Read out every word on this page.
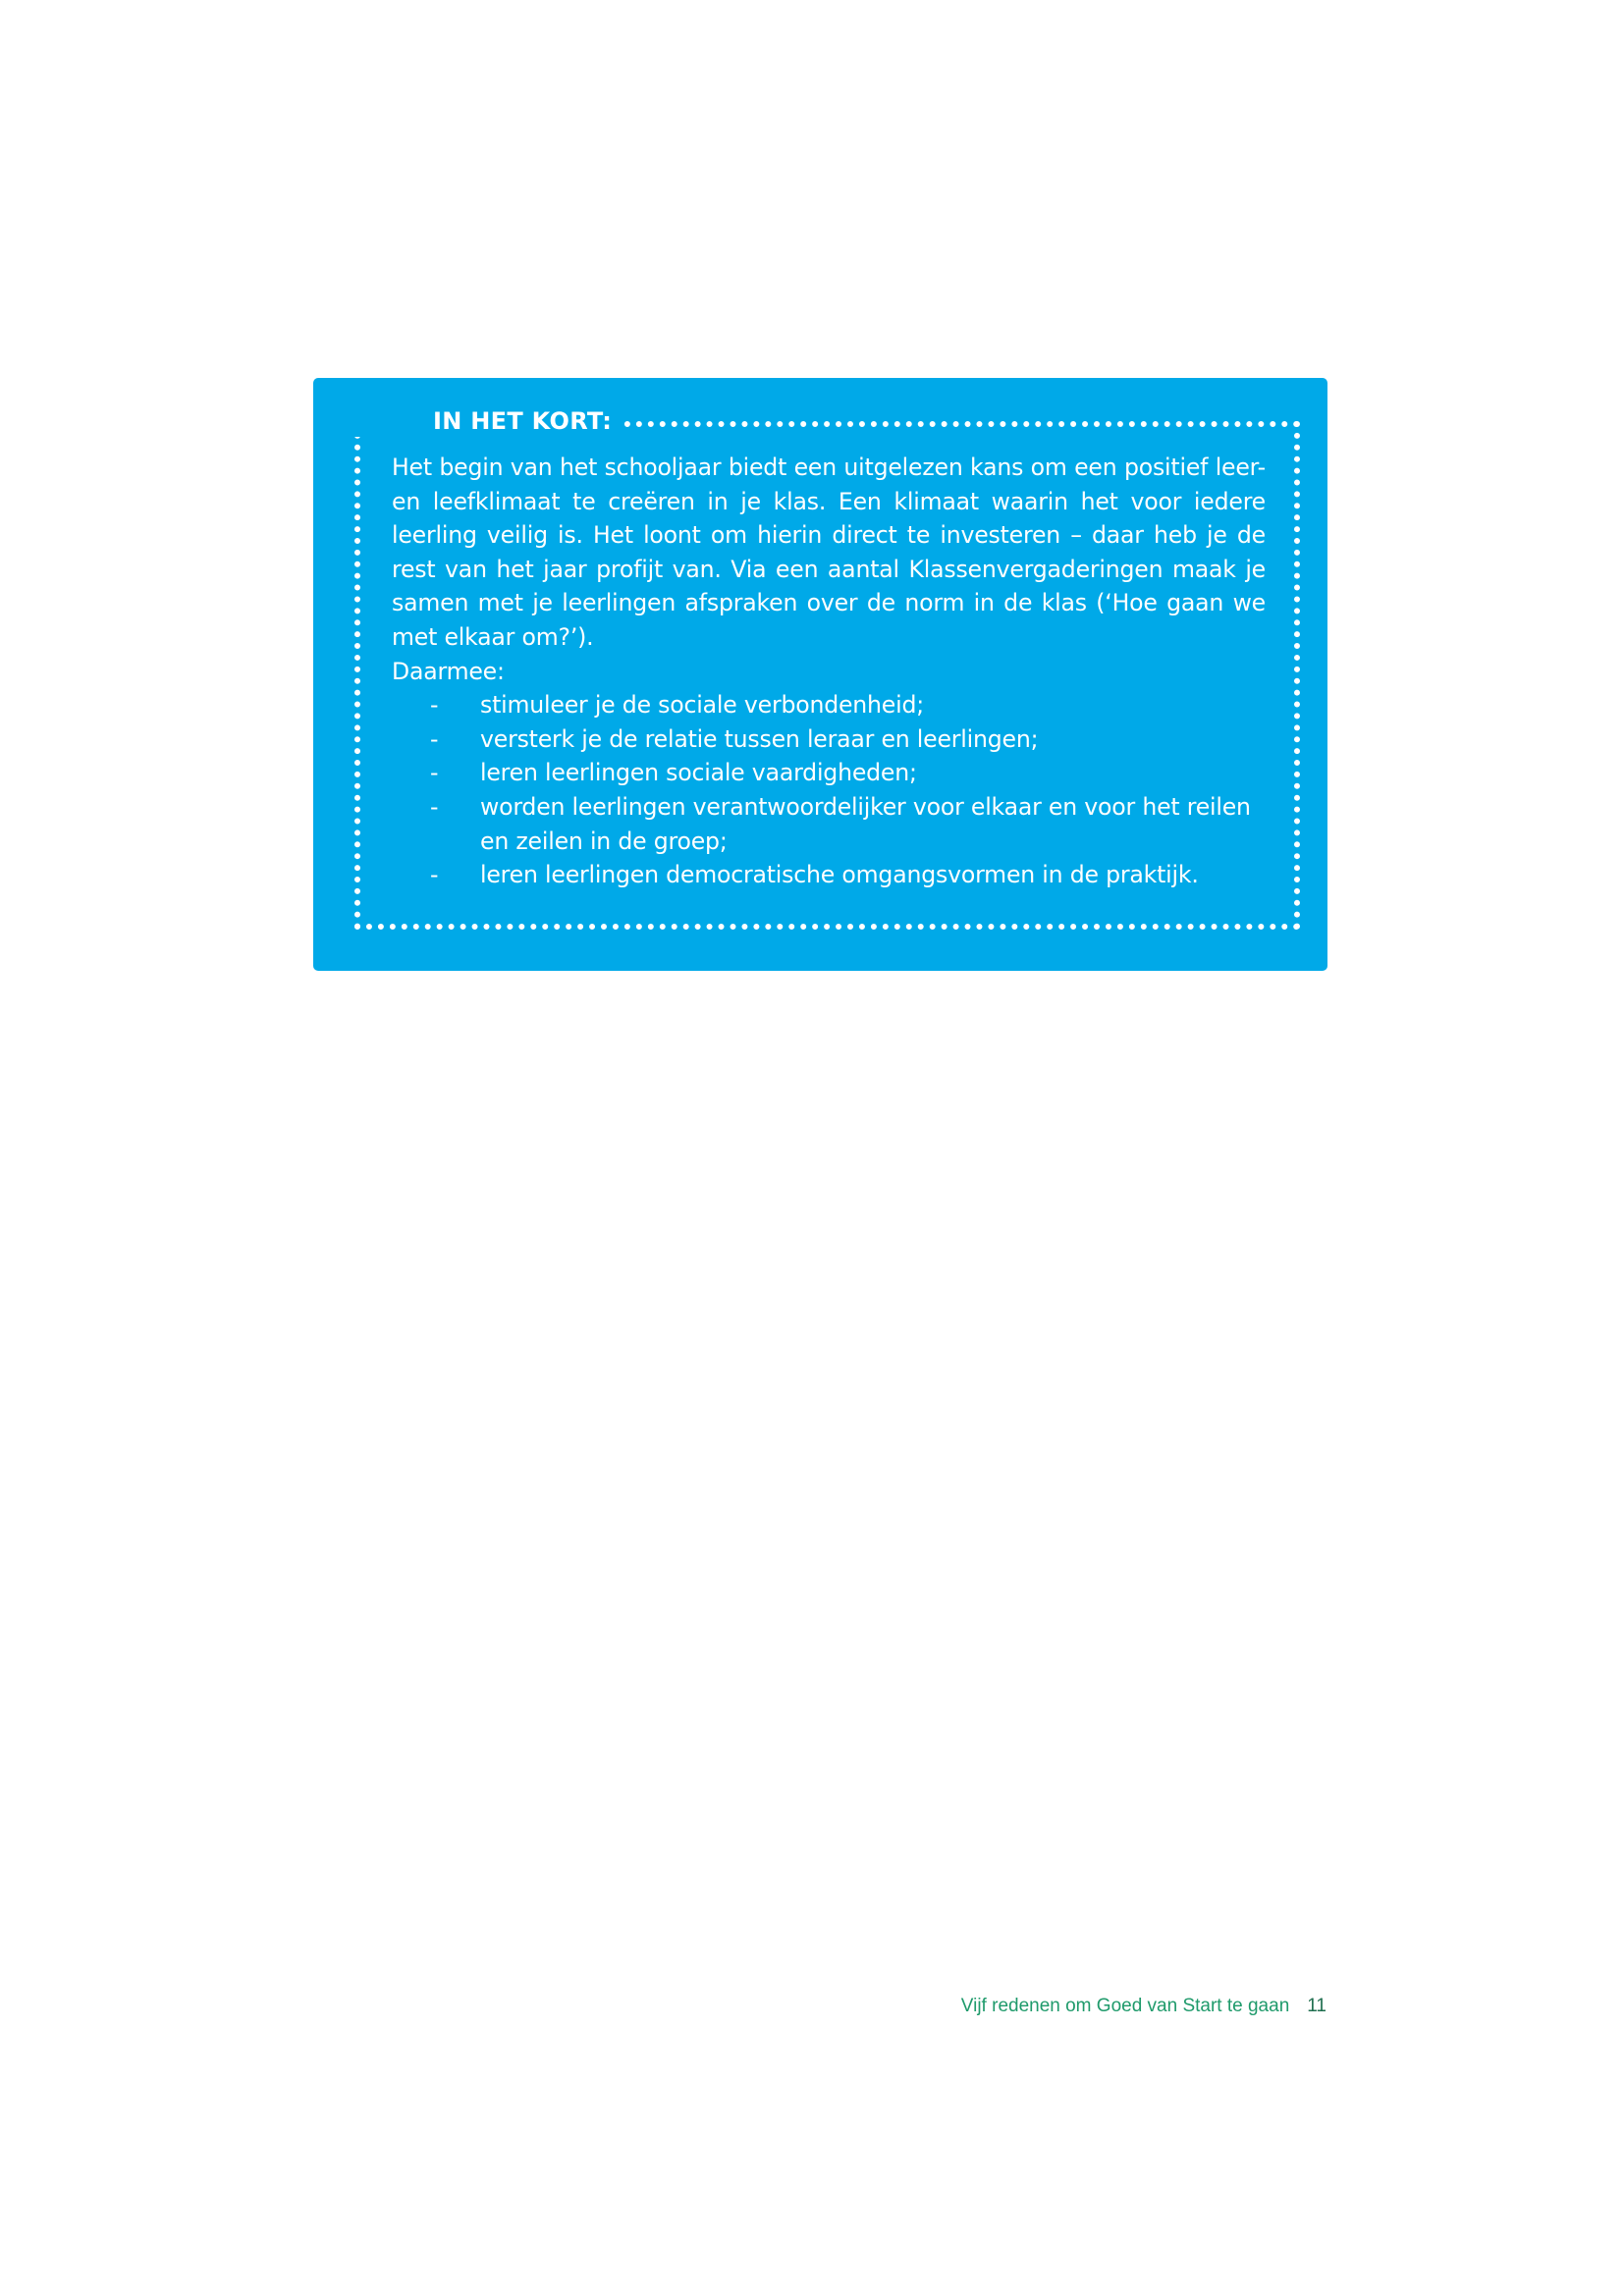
IN HET KORT:

Het begin van het schooljaar biedt een uitgelezen kans om een positief leer- en leefklimaat te creëren in je klas. Een klimaat waarin het voor iedere leerling veilig is. Het loont om hierin direct te investeren – daar heb je de rest van het jaar profijt van. Via een aantal Klassenvergaderingen maak je samen met je leerlingen afspraken over de norm in de klas (‘Hoe gaan we met elkaar om?’).

Daarmee:

- stimuleer je de sociale verbondenheid;
- versterk je de relatie tussen leraar en leerlingen;
- leren leerlingen sociale vaardigheden;
- worden leerlingen verantwoordelijker voor elkaar en voor het reilen en zeilen in de groep;
- leren leerlingen democratische omgangsvormen in de praktijk.
Vijf redenen om Goed van Start te gaan 11
